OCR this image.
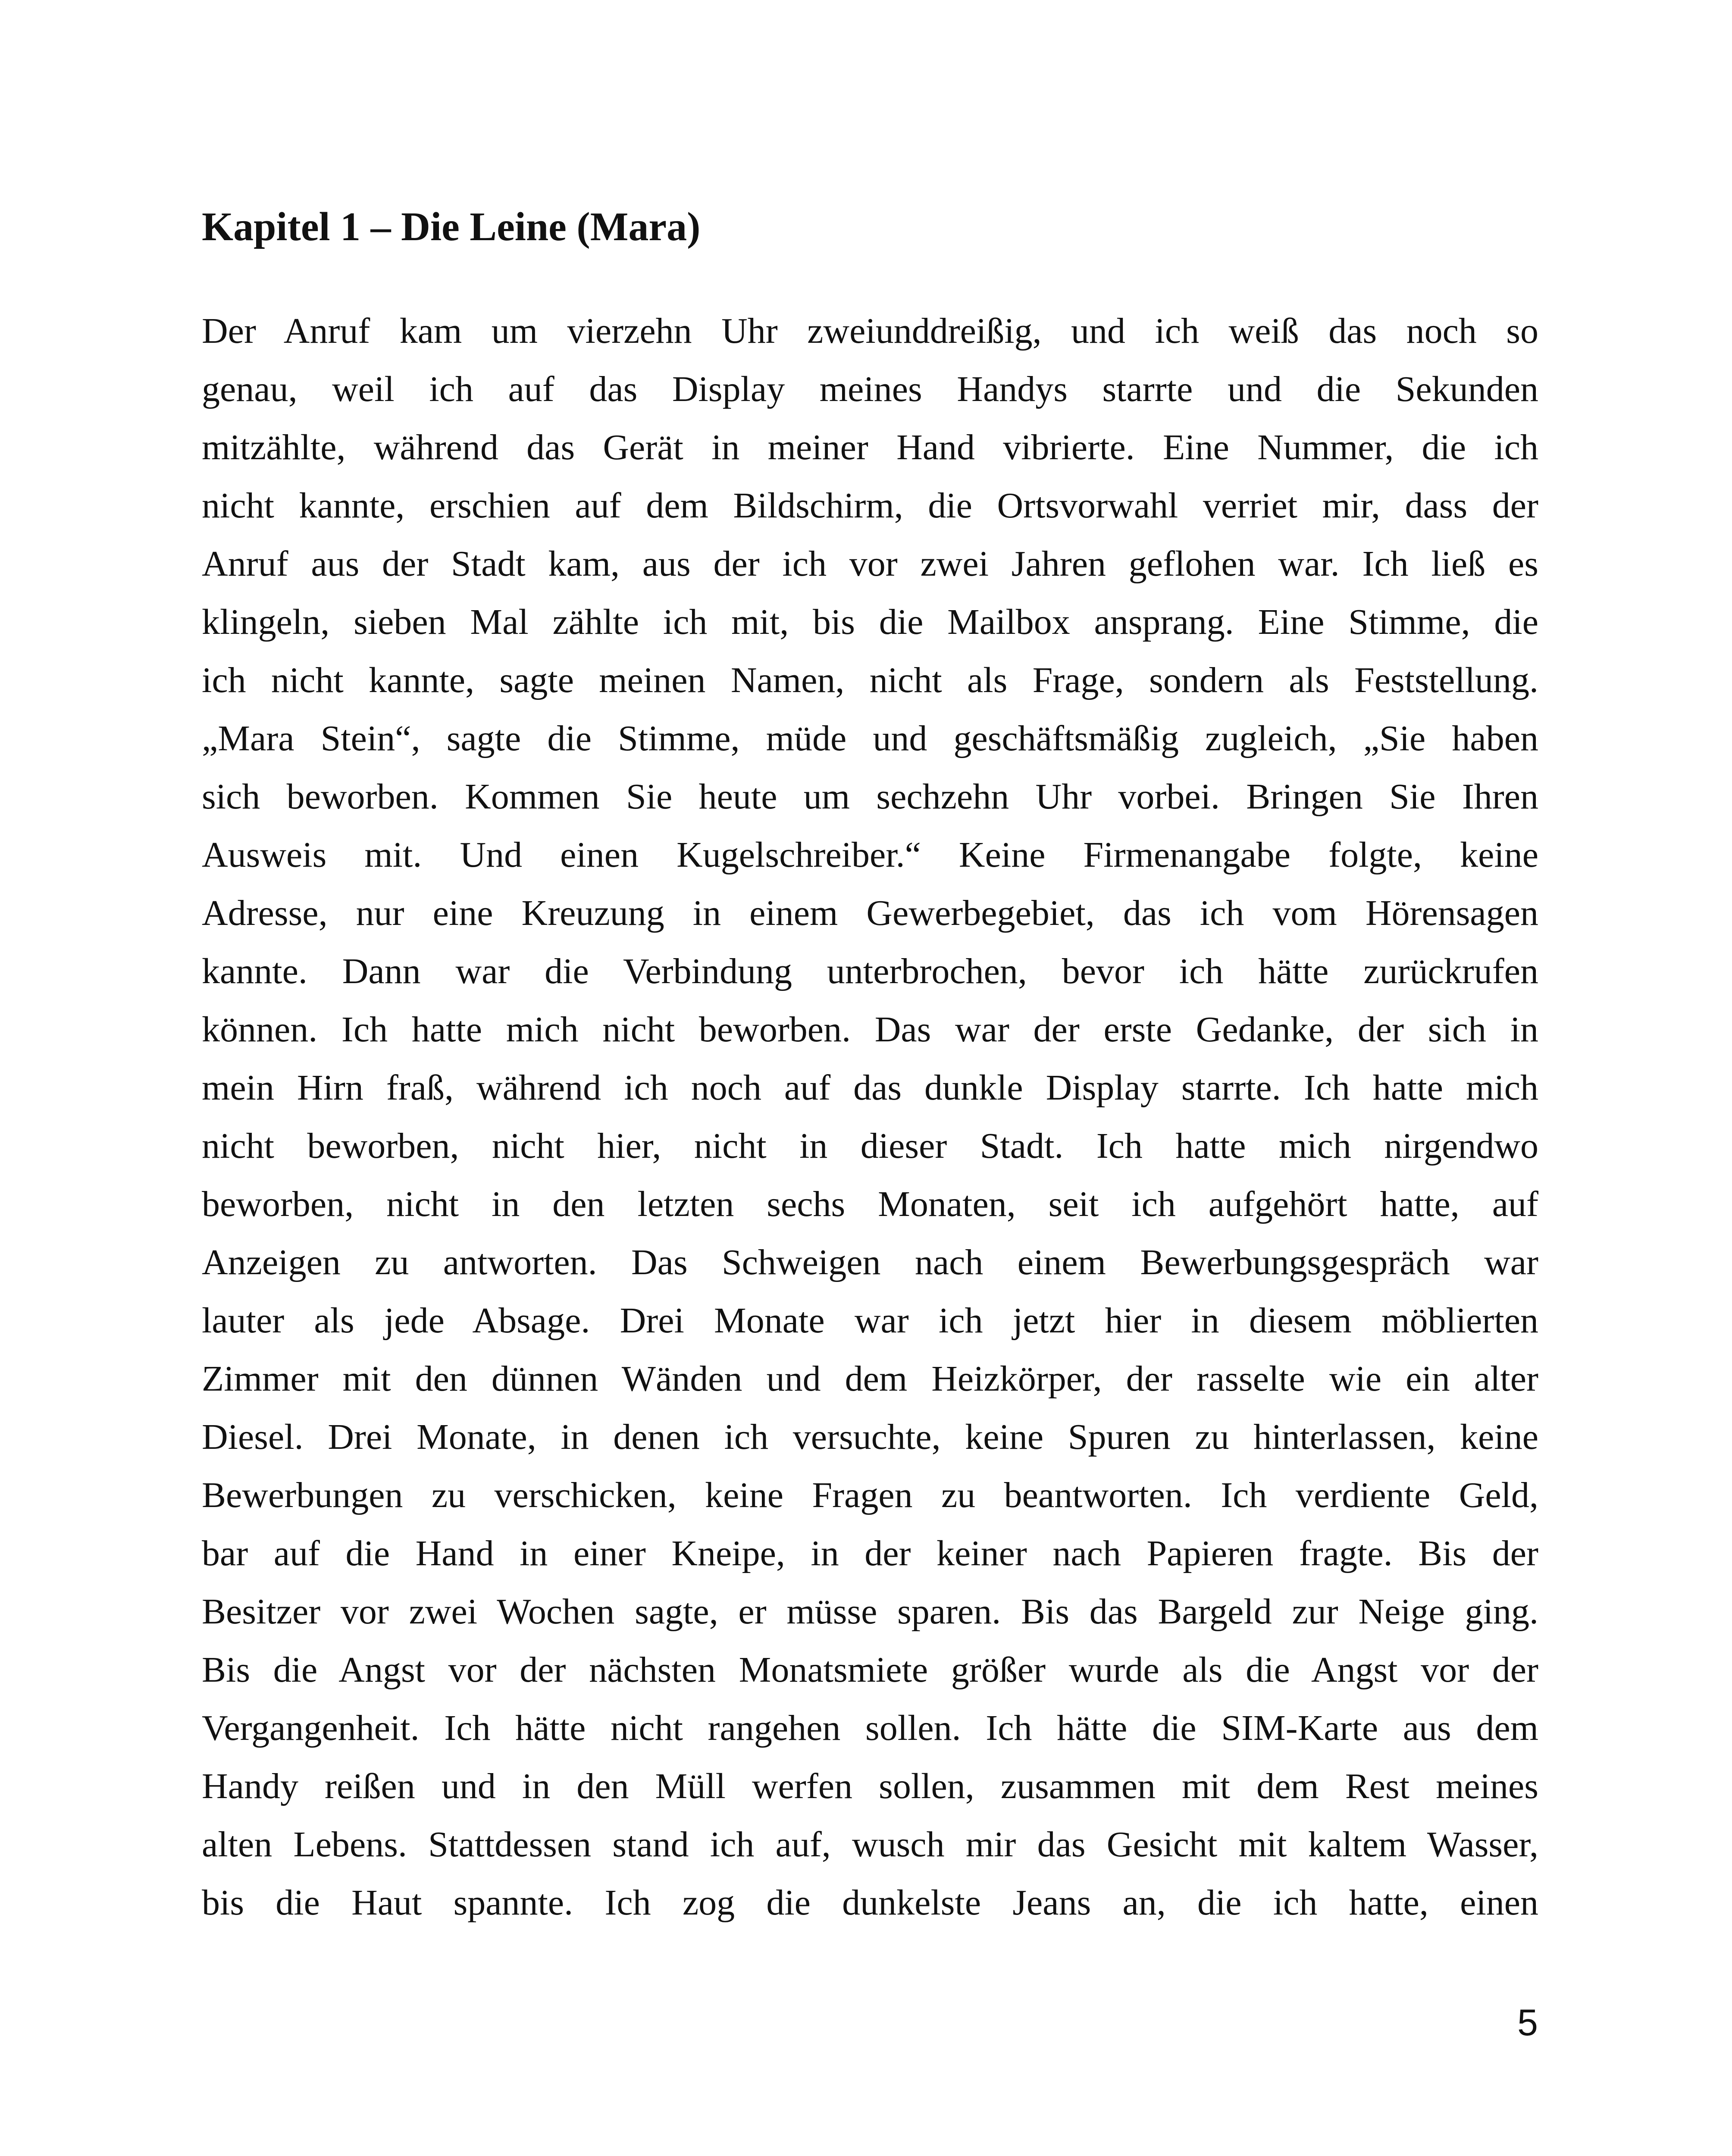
Kapitel 1 – Die Leine (Mara)
Der Anruf kam um vierzehn Uhr zweiunddreißig, und ich weiß das noch so
genau, weil ich auf das Display meines Handys starrte und die Sekunden
mitzählte, während das Gerät in meiner Hand vibrierte. Eine Nummer, die ich
nicht kannte, erschien auf dem Bildschirm, die Ortsvorwahl verriet mir, dass der
Anruf aus der Stadt kam, aus der ich vor zwei Jahren geflohen war. Ich ließ es
klingeln, sieben Mal zählte ich mit, bis die Mailbox ansprang. Eine Stimme, die
ich nicht kannte, sagte meinen Namen, nicht als Frage, sondern als Feststellung.
„Mara Stein“, sagte die Stimme, müde und geschäftsmäßig zugleich, „Sie haben
sich beworben. Kommen Sie heute um sechzehn Uhr vorbei. Bringen Sie Ihren
Ausweis mit. Und einen Kugelschreiber.“ Keine Firmenangabe folgte, keine
Adresse, nur eine Kreuzung in einem Gewerbegebiet, das ich vom Hörensagen
kannte. Dann war die Verbindung unterbrochen, bevor ich hätte zurückrufen
können. Ich hatte mich nicht beworben. Das war der erste Gedanke, der sich in
mein Hirn fraß, während ich noch auf das dunkle Display starrte. Ich hatte mich
nicht beworben, nicht hier, nicht in dieser Stadt. Ich hatte mich nirgendwo
beworben, nicht in den letzten sechs Monaten, seit ich aufgehört hatte, auf
Anzeigen zu antworten. Das Schweigen nach einem Bewerbungsgespräch war
lauter als jede Absage. Drei Monate war ich jetzt hier in diesem möblierten
Zimmer mit den dünnen Wänden und dem Heizkörper, der rasselte wie ein alter
Diesel. Drei Monate, in denen ich versuchte, keine Spuren zu hinterlassen, keine
Bewerbungen zu verschicken, keine Fragen zu beantworten. Ich verdiente Geld,
bar auf die Hand in einer Kneipe, in der keiner nach Papieren fragte. Bis der
Besitzer vor zwei Wochen sagte, er müsse sparen. Bis das Bargeld zur Neige ging.
Bis die Angst vor der nächsten Monatsmiete größer wurde als die Angst vor der
Vergangenheit. Ich hätte nicht rangehen sollen. Ich hätte die SIM-Karte aus dem
Handy reißen und in den Müll werfen sollen, zusammen mit dem Rest meines
alten Lebens. Stattdessen stand ich auf, wusch mir das Gesicht mit kaltem Wasser,
bis die Haut spannte. Ich zog die dunkelste Jeans an, die ich hatte, einen
5
